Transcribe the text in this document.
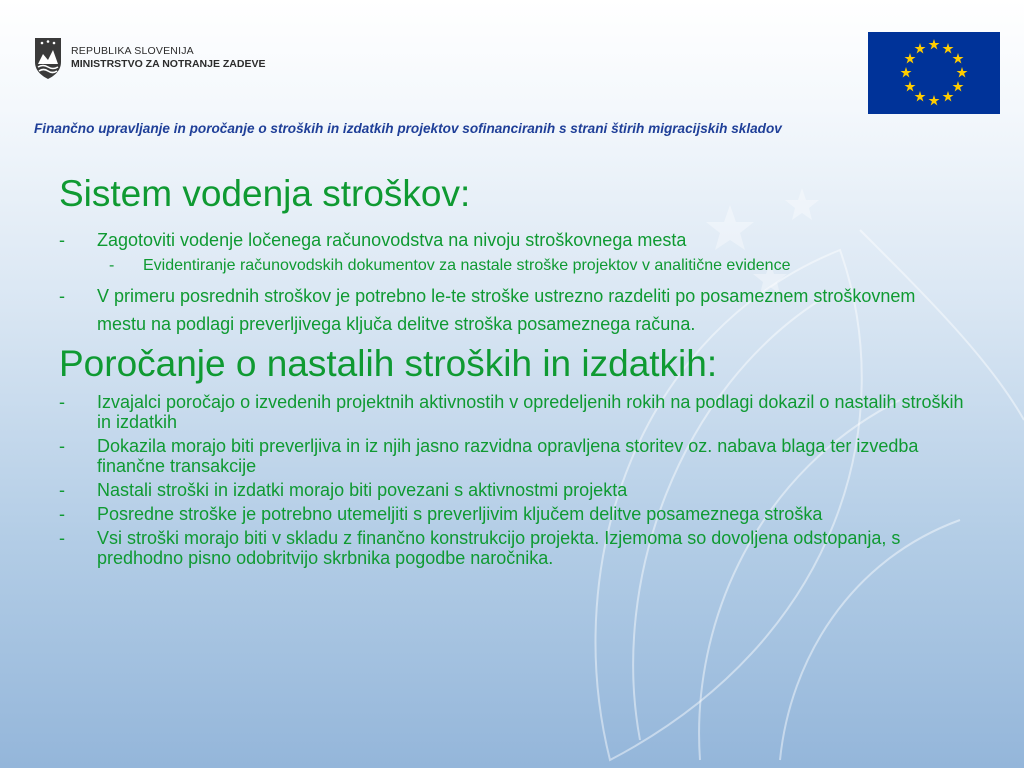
REPUBLIKA SLOVENIJA
MINISTRSTVO ZA NOTRANJE ZADEVE
Finančno upravljanje in poročanje o stroških in izdatkih projektov sofinanciranih s strani štirih migracijskih skladov
Sistem vodenja stroškov:
- Zagotoviti vodenje ločenega računovodstva na nivoju stroškovnega mesta
- Evidentiranje računovodskih dokumentov za nastale stroške projektov v analitične evidence
- V primeru posrednih stroškov je potrebno le-te stroške ustrezno razdeliti po posameznem stroškovnem mestu na podlagi preverljivega ključa delitve stroška posameznega računa.
Poročanje o nastalih stroških in izdatkih:
- Izvajalci poročajo o izvedenih projektnih aktivnostih v opredeljenih rokih na podlagi dokazil o nastalih stroških in izdatkih
- Dokazila morajo biti preverljiva in iz njih jasno razvidna opravljena storitev oz. nabava blaga ter izvedba finančne transakcije
- Nastali stroški in izdatki morajo biti povezani s aktivnostmi projekta
- Posredne stroške je potrebno utemeljiti s preverljivim ključem delitve posameznega stroška
- Vsi stroški morajo biti v skladu z finančno konstrukcijo projekta. Izjemoma so dovoljena odstopanja, s predhodno pisno odobritvijo skrbnika pogodbe naročnika.
